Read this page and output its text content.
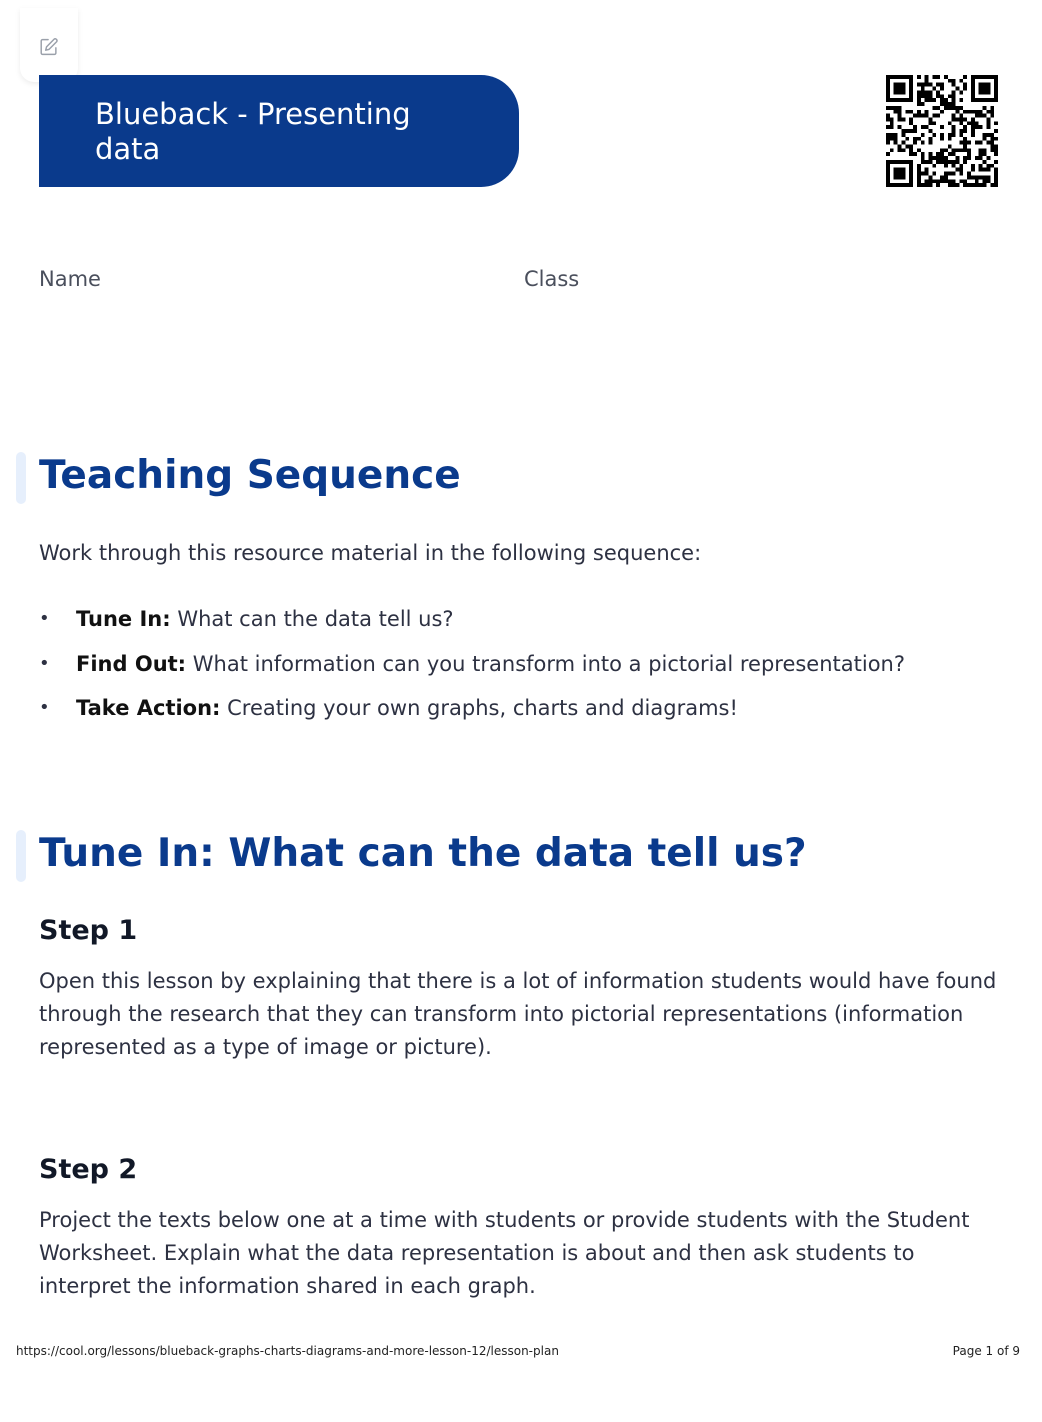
Blueback - Presenting data
Name	Class
Teaching Sequence

Work through this resource material in the following sequence:

• Tune In: What can the data tell us?
• Find Out: What information can you transform into a pictorial representation?
• Take Action: Creating your own graphs, charts and diagrams!
Tune In: What can the data tell us?
Step 1

Open this lesson by explaining that there is a lot of information students would have found through the research that they can transform into pictorial representations (information represented as a type of image or picture).

Step 2

Project the texts below one at a time with students or provide students with the Student Worksheet. Explain what the data representation is about and then ask students to interpret the information shared in each graph.

https://cool.org/lessons/blueback-graphs-charts-diagrams-and-more-lesson-12/lesson-plan	Page 1 of 9
